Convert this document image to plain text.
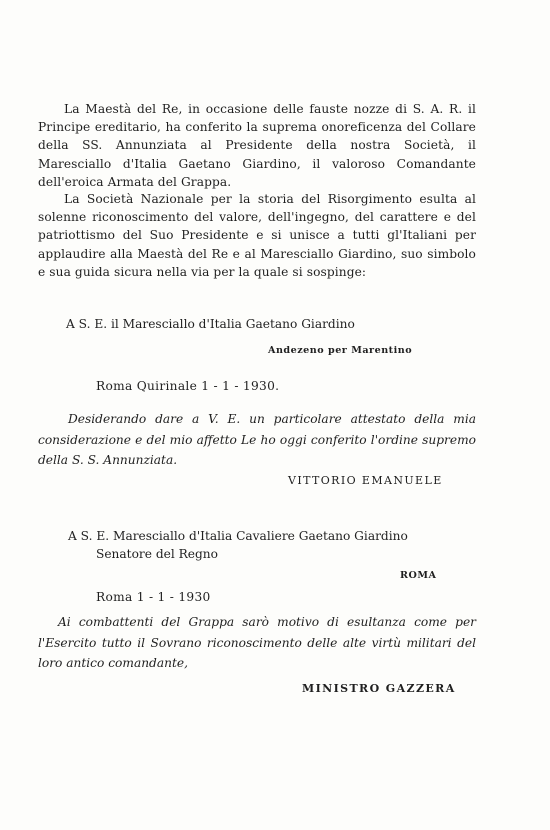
La Maestà del Re, in occasione delle fauste nozze di S. A. R. il Principe ereditario, ha conferito la suprema onoreficenza del Collare della SS. Annunziata al Presidente della nostra Società, il Maresciallo d'Italia Gaetano Giardino, il valoroso Comandante dell'eroica Armata del Grappa.

La Società Nazionale per la storia del Risorgimento esulta al solenne riconoscimento del valore, dell'ingegno, del carattere e del patriottismo del Suo Presidente e si unisce a tutti gl'Italiani per applaudire alla Maestà del Re e al Maresciallo Giardino, suo simbolo e sua guida sicura nella via per la quale si sospinge:

A S. E. il Maresciallo d'Italia Gaetano Giardino
Andezeno per Marentino
Roma Quirinale 1 - 1 - 1930.
Desiderando dare a V. E. un particolare attestato della mia considerazione e del mio affetto Le ho oggi conferito l'ordine supremo della S. S. Annunziata.
VITTORIO EMANUELE
A S. E. Maresciallo d'Italia Cavaliere Gaetano Giardino
Senatore del Regno
ROMA
Roma 1 - 1 - 1930
Ai combattenti del Grappa sarò motivo di esultanza come per l'Esercito tutto il Sovrano riconoscimento delle alte virtù militari del loro antico comandante,
MINISTRO GAZZERA
